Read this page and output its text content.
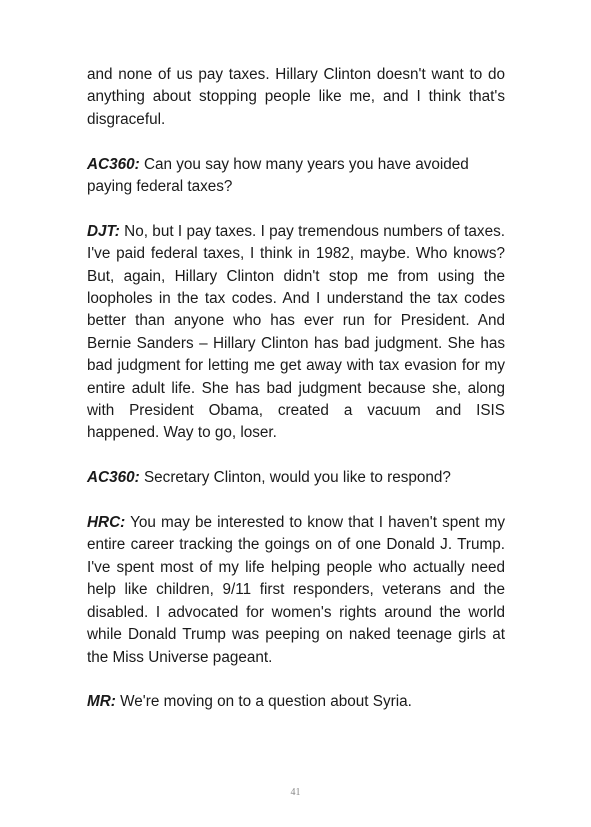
and none of us pay taxes. Hillary Clinton doesn't want to do anything about stopping people like me, and I think that's disgraceful.

AC360: Can you say how many years you have avoided paying federal taxes?

DJT: No, but I pay taxes. I pay tremendous numbers of taxes. I've paid federal taxes, I think in 1982, maybe. Who knows? But, again, Hillary Clinton didn't stop me from using the loopholes in the tax codes. And I understand the tax codes better than anyone who has ever run for President. And Bernie Sanders – Hillary Clinton has bad judgment. She has bad judgment for letting me get away with tax evasion for my entire adult life. She has bad judgment because she, along with President Obama, created a vacuum and ISIS happened. Way to go, loser.

AC360: Secretary Clinton, would you like to respond?

HRC: You may be interested to know that I haven't spent my entire career tracking the goings on of one Donald J. Trump. I've spent most of my life helping people who actually need help like children, 9/11 first responders, veterans and the disabled. I advocated for women's rights around the world while Donald Trump was peeping on naked teenage girls at the Miss Universe pageant.

MR: We're moving on to a question about Syria.

41
